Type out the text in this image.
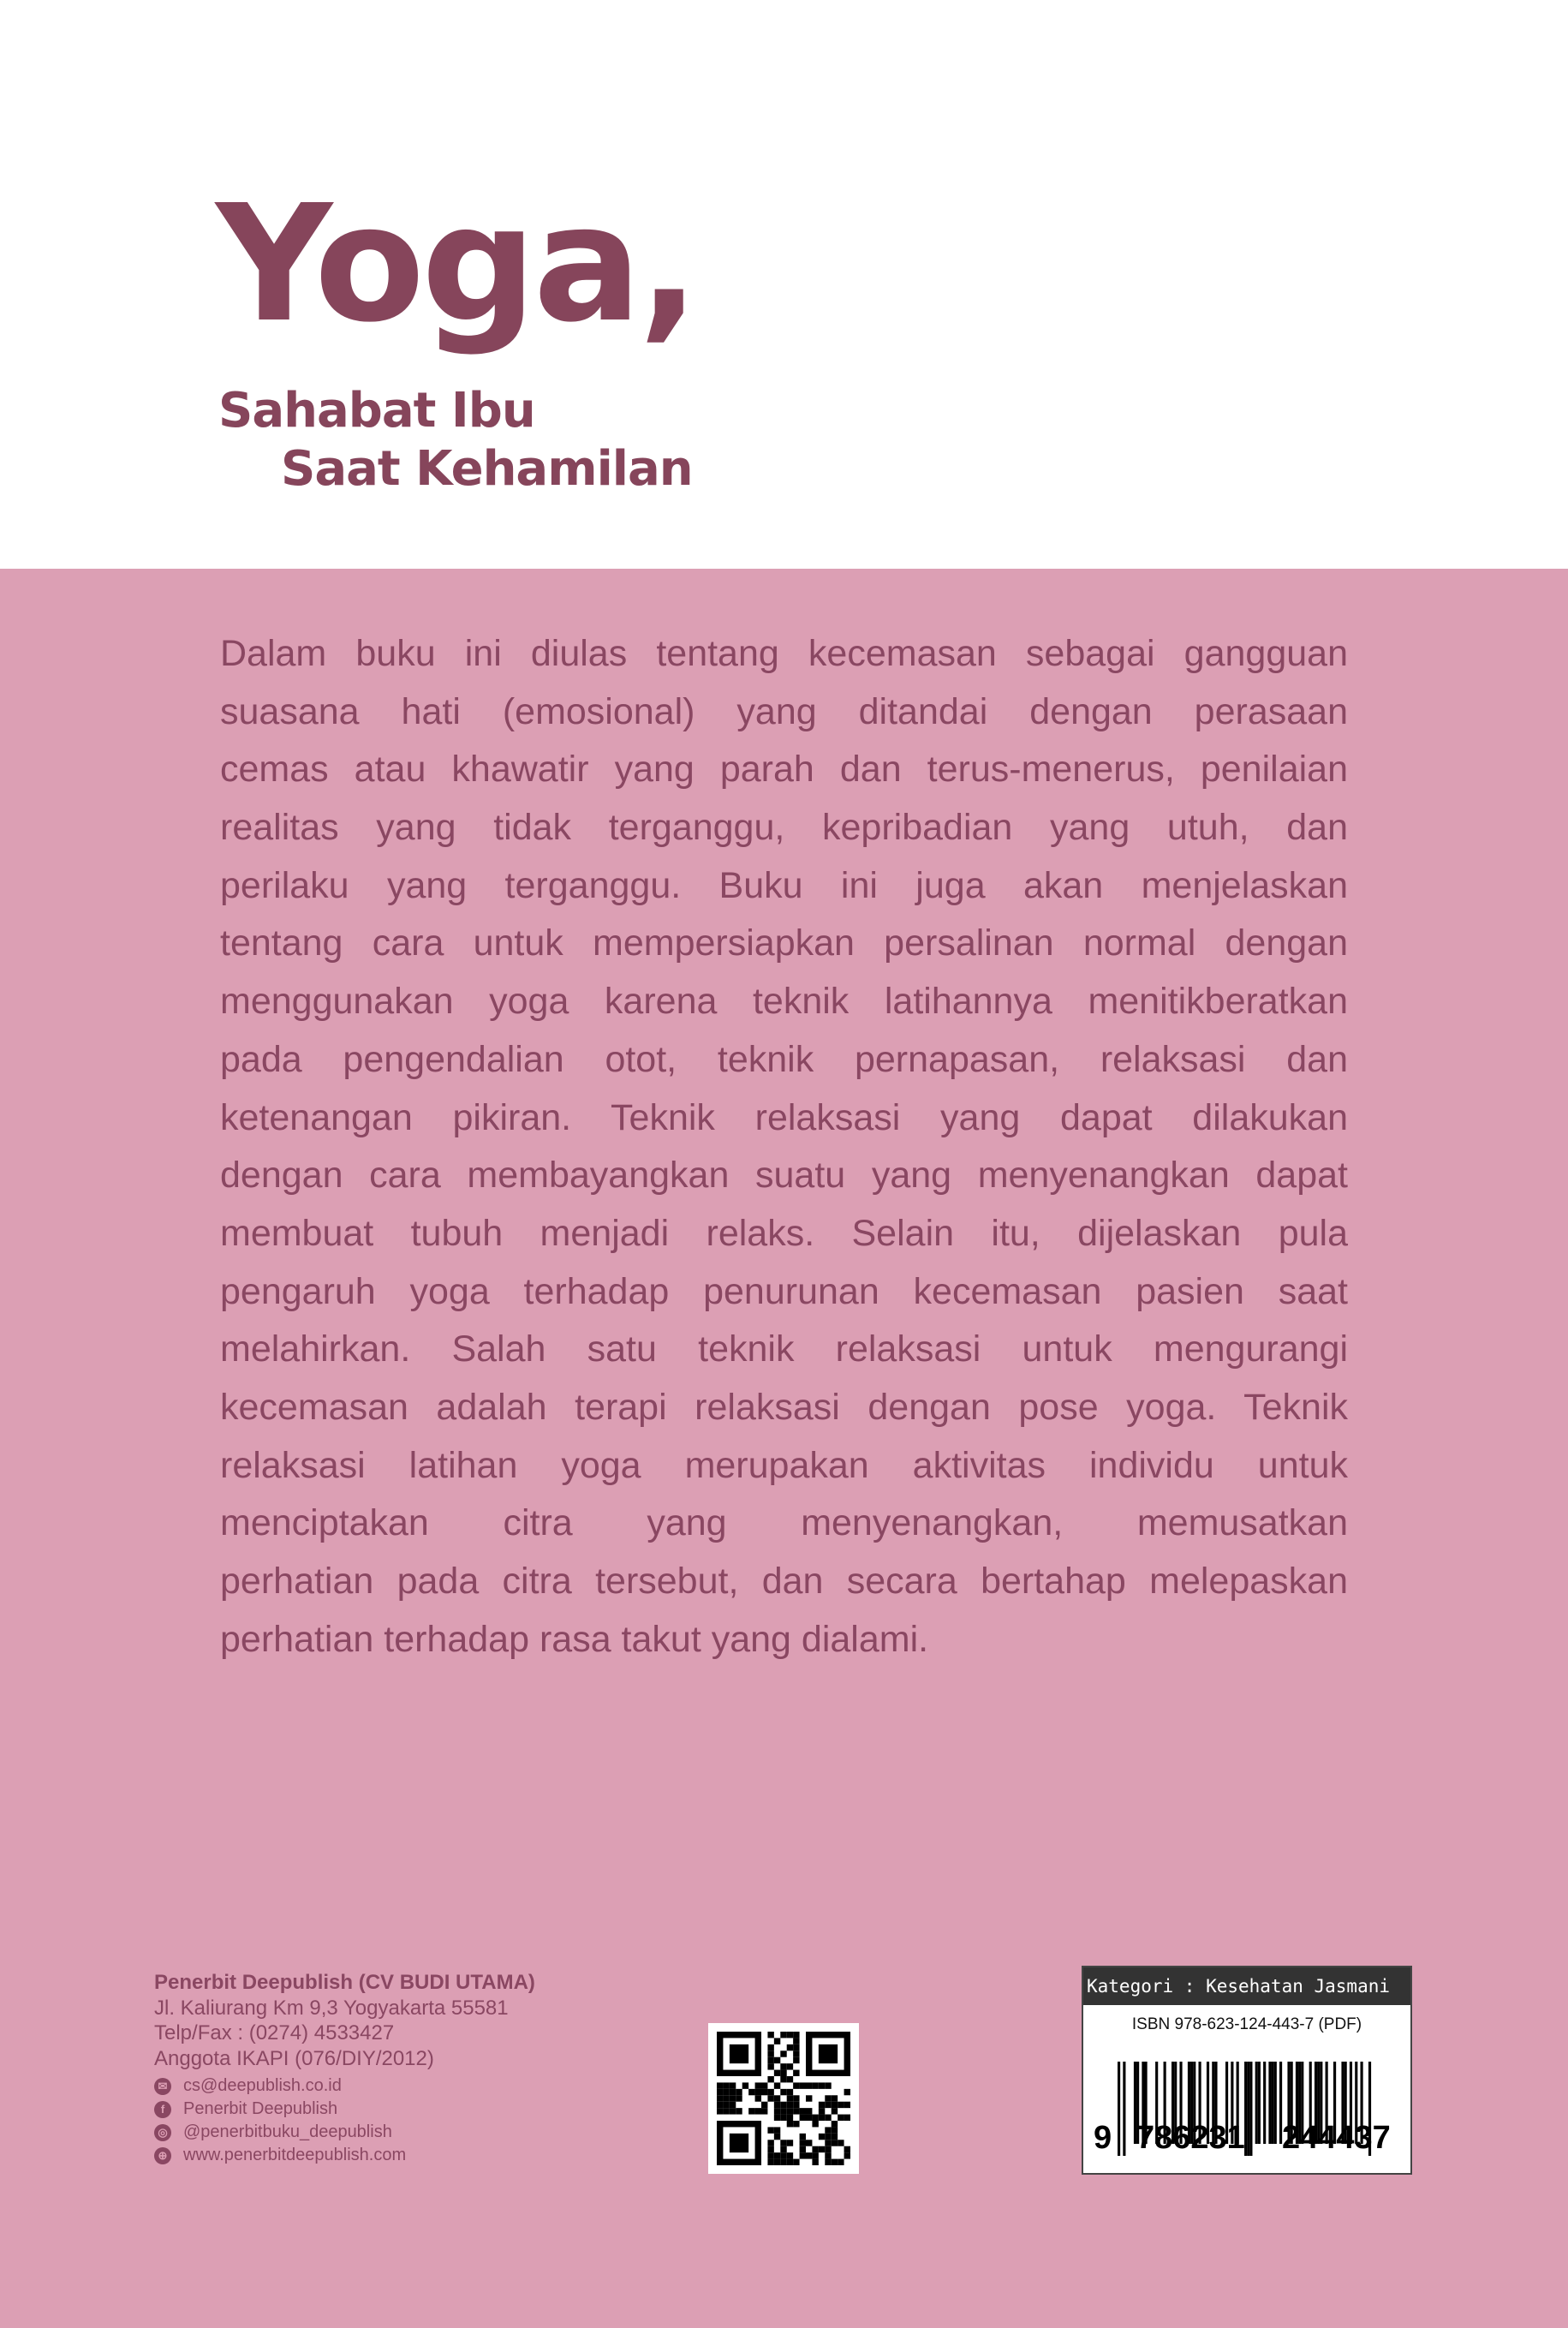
Yoga,
Sahabat Ibu
Saat Kehamilan
Dalam buku ini diulas tentang kecemasan sebagai gangguan
suasana hati (emosional) yang ditandai dengan perasaan
cemas atau khawatir yang parah dan terus-menerus, penilaian
realitas yang tidak terganggu, kepribadian yang utuh, dan
perilaku yang terganggu. Buku ini juga akan menjelaskan
tentang cara untuk mempersiapkan persalinan normal dengan
menggunakan yoga karena teknik latihannya menitikberatkan
pada pengendalian otot, teknik pernapasan, relaksasi dan
ketenangan pikiran. Teknik relaksasi yang dapat dilakukan
dengan cara membayangkan suatu yang menyenangkan dapat
membuat tubuh menjadi relaks. Selain itu, dijelaskan pula
pengaruh yoga terhadap penurunan kecemasan pasien saat
melahirkan. Salah satu teknik relaksasi untuk mengurangi
kecemasan adalah terapi relaksasi dengan pose yoga. Teknik
relaksasi latihan yoga merupakan aktivitas individu untuk
menciptakan citra yang menyenangkan, memusatkan
perhatian pada citra tersebut, dan secara bertahap melepaskan
perhatian terhadap rasa takut yang dialami.
Penerbit Deepublish (CV BUDI UTAMA)
Jl. Kaliurang Km 9,3 Yogyakarta 55581
Telp/Fax : (0274) 4533427
Anggota IKAPI (076/DIY/2012)
✉ cs@deepublish.co.id
f	Penerbit Deepublish
◎ @penerbitbuku_deepublish
⊕ www.penerbitdeepublish.com
Kategori : Kesehatan Jasmani
ISBN 978-623-124-443-7 (PDF)
9 786231 244437
